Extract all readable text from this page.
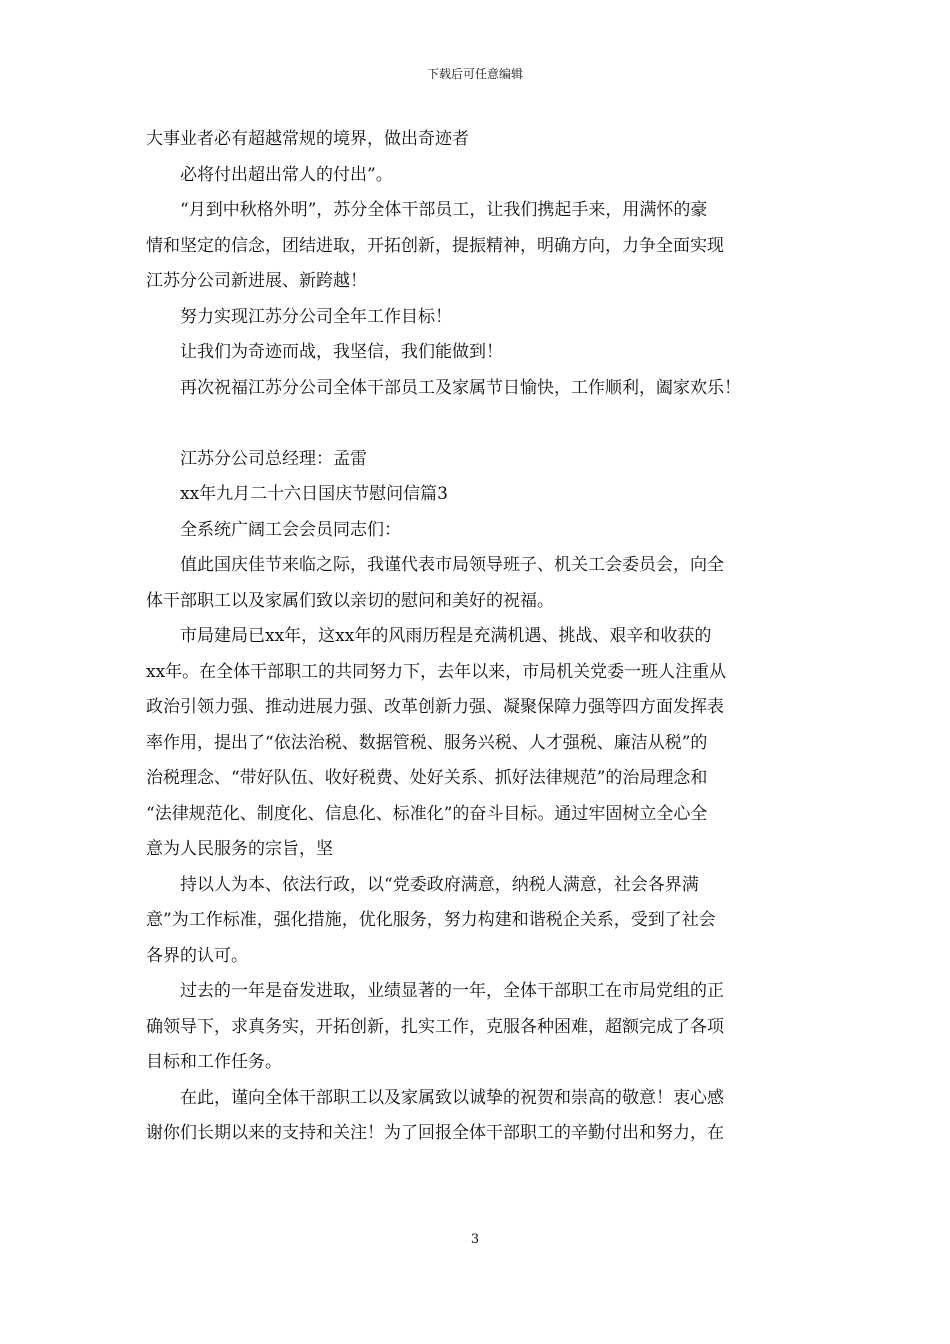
下载后可任意编辑

大事业者必有超越常规的境界，做出奇迹者

　　必将付出超出常人的付出”。

　　“月到中秋格外明”，苏分全体干部员工，让我们携起手来，用满怀的豪

情和坚定的信念，团结进取，开拓创新，提振精神，明确方向，力争全面实现

江苏分公司新进展、新跨越！

　　努力实现江苏分公司全年工作目标！

　　让我们为奇迹而战，我坚信，我们能做到！

　　再次祝福江苏分公司全体干部员工及家属节日愉快，工作顺利，阖家欢乐！

　　江苏分公司总经理：孟雷

　　xx年九月二十六日国庆节慰问信篇3

　　全系统广阔工会会员同志们：

　　值此国庆佳节来临之际，我谨代表市局领导班子、机关工会委员会，向全

体干部职工以及家属们致以亲切的慰问和美好的祝福。

　　市局建局已xx年，这xx年的风雨历程是充满机遇、挑战、艰辛和收获的

xx年。在全体干部职工的共同努力下，去年以来，市局机关党委一班人注重从

政治引领力强、推动进展力强、改革创新力强、凝聚保障力强等四方面发挥表

率作用，提出了“依法治税、数据管税、服务兴税、人才强税、廉洁从税”的

治税理念、“带好队伍、收好税费、处好关系、抓好法律规范”的治局理念和

“法律规范化、制度化、信息化、标准化”的奋斗目标。通过牢固树立全心全

意为人民服务的宗旨，坚

　　持以人为本、依法行政，以“党委政府满意，纳税人满意，社会各界满

意”为工作标准，强化措施，优化服务，努力构建和谐税企关系，受到了社会

各界的认可。

　　过去的一年是奋发进取，业绩显著的一年，全体干部职工在市局党组的正

确领导下，求真务实，开拓创新，扎实工作，克服各种困难，超额完成了各项

目标和工作任务。

　　在此，谨向全体干部职工以及家属致以诚挚的祝贺和崇高的敬意！衷心感

谢你们长期以来的支持和关注！为了回报全体干部职工的辛勤付出和努力，在

3
